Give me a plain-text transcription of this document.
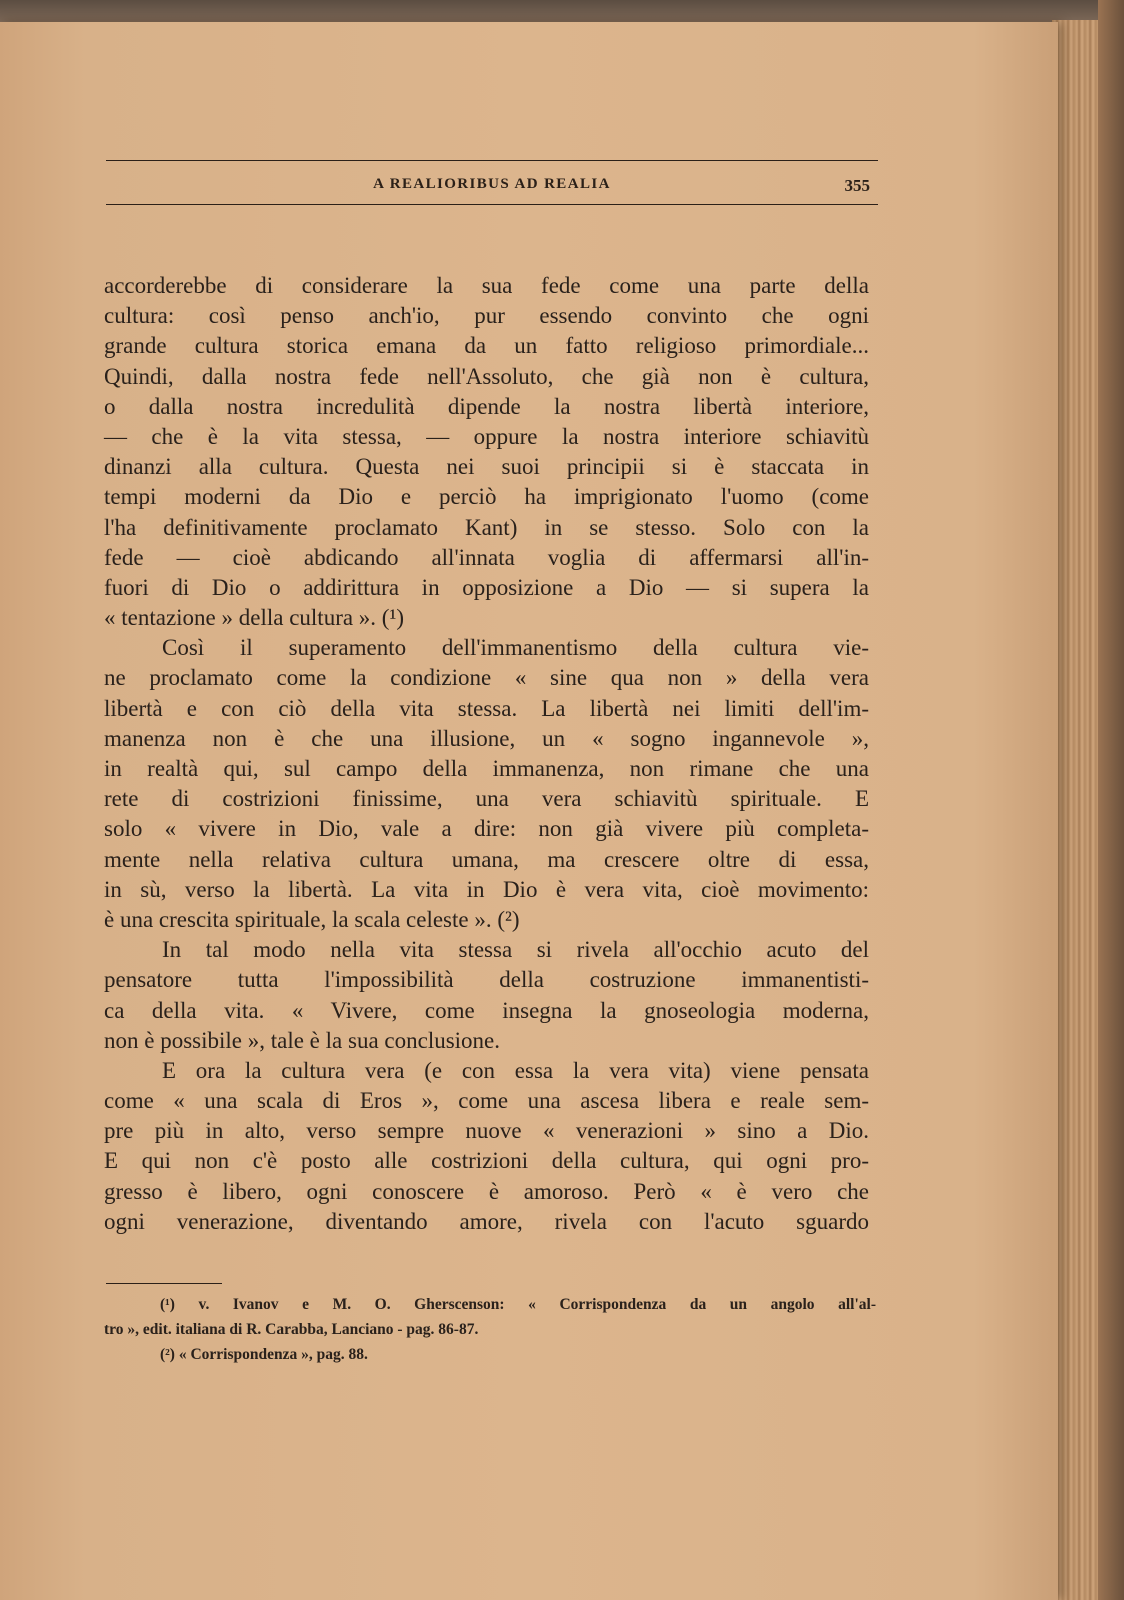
A REALIORIBUS AD REALIA	355
accorderebbe di considerare la sua fede come una parte della
cultura: così penso anch'io, pur essendo convinto che ogni
grande cultura storica emana da un fatto religioso primordiale...
Quindi, dalla nostra fede nell'Assoluto, che già non è cultura,
o dalla nostra incredulità dipende la nostra libertà interiore,
— che è la vita stessa, — oppure la nostra interiore schiavitù
dinanzi alla cultura. Questa nei suoi principii si è staccata in
tempi moderni da Dio e perciò ha imprigionato l'uomo (come
l'ha definitivamente proclamato Kant) in se stesso. Solo con la
fede — cioè abdicando all'innata voglia di affermarsi all'in-
fuori di Dio o addirittura in opposizione a Dio — si supera la
« tentazione » della cultura ». (¹)
Così il superamento dell'immanentismo della cultura vie-
ne proclamato come la condizione « sine qua non » della vera
libertà e con ciò della vita stessa. La libertà nei limiti dell'im-
manenza non è che una illusione, un « sogno ingannevole »,
in realtà qui, sul campo della immanenza, non rimane che una
rete di costrizioni finissime, una vera schiavitù spirituale. E
solo « vivere in Dio, vale a dire: non già vivere più completa-
mente nella relativa cultura umana, ma crescere oltre di essa,
in sù, verso la libertà. La vita in Dio è vera vita, cioè movimento:
è una crescita spirituale, la scala celeste ». (²)
In tal modo nella vita stessa si rivela all'occhio acuto del
pensatore tutta l'impossibilità della costruzione immanentisti-
ca della vita. « Vivere, come insegna la gnoseologia moderna,
non è possibile », tale è la sua conclusione.
E ora la cultura vera (e con essa la vera vita) viene pensata
come « una scala di Eros », come una ascesa libera e reale sem-
pre più in alto, verso sempre nuove « venerazioni » sino a Dio.
E qui non c'è posto alle costrizioni della cultura, qui ogni pro-
gresso è libero, ogni conoscere è amoroso. Però « è vero che
ogni venerazione, diventando amore, rivela con l'acuto sguardo
(¹) v. Ivanov e M. O. Gherscenson: « Corrispondenza da un angolo all'al-
tro », edit. italiana di R. Carabba, Lanciano - pag. 86-87.
(²) « Corrispondenza », pag. 88.
